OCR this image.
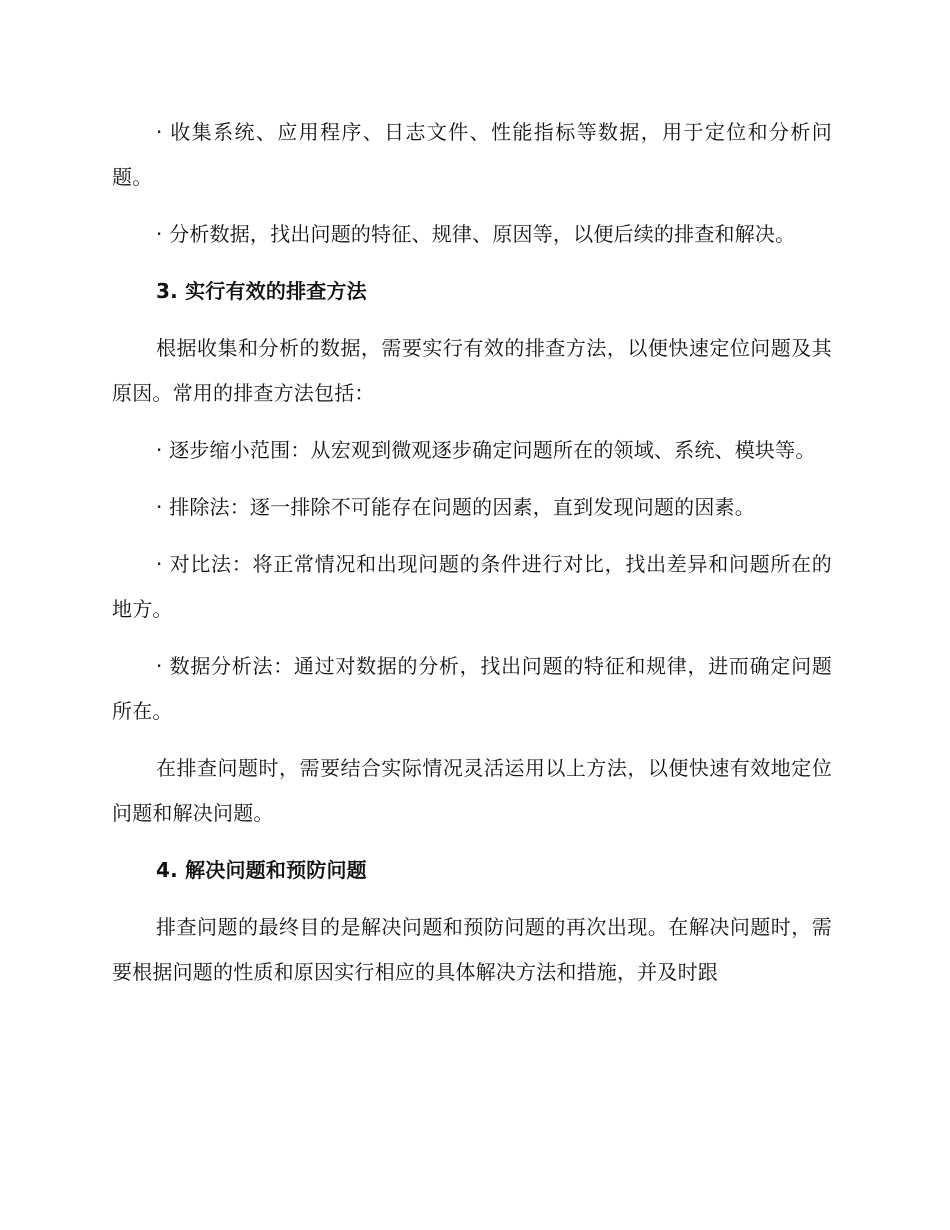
· 收集系统、应用程序、日志文件、性能指标等数据，用于定位和分析问题。

· 分析数据，找出问题的特征、规律、原因等，以便后续的排查和解决。

3. 实行有效的排查方法

根据收集和分析的数据，需要实行有效的排查方法，以便快速定位问题及其原因。常用的排查方法包括：

· 逐步缩小范围：从宏观到微观逐步确定问题所在的领域、系统、模块等。

· 排除法：逐一排除不可能存在问题的因素，直到发现问题的因素。

· 对比法：将正常情况和出现问题的条件进行对比，找出差异和问题所在的地方。

· 数据分析法：通过对数据的分析，找出问题的特征和规律，进而确定问题所在。

在排查问题时，需要结合实际情况灵活运用以上方法，以便快速有效地定位问题和解决问题。

4. 解决问题和预防问题

排查问题的最终目的是解决问题和预防问题的再次出现。在解决问题时，需要根据问题的性质和原因实行相应的具体解决方法和措施，并及时跟
